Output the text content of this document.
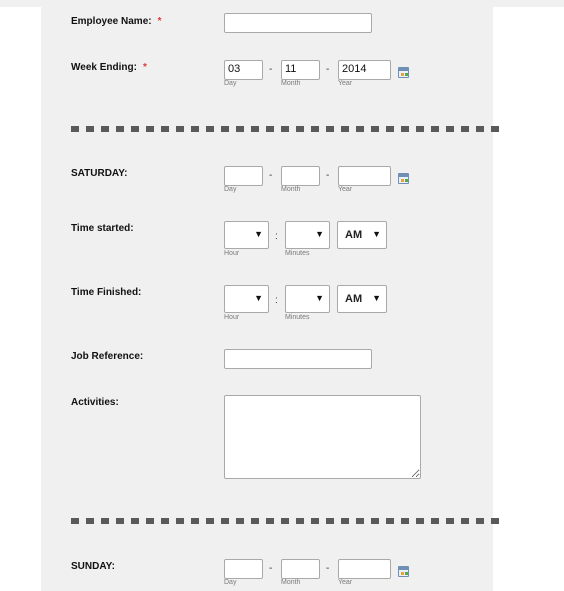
Employee Name: *
Week Ending: *	03	-	11	-	2014
Day	Month	Year
SATURDAY:	-	-
Day	Month	Year
Time started:	▼ :	▼ AM ▼
Hour	Minutes
Time Finished:	▼ :	▼ AM ▼
Hour	Minutes
Job Reference:
Activities:
SUNDAY:	-	-
Day	Month	Year
